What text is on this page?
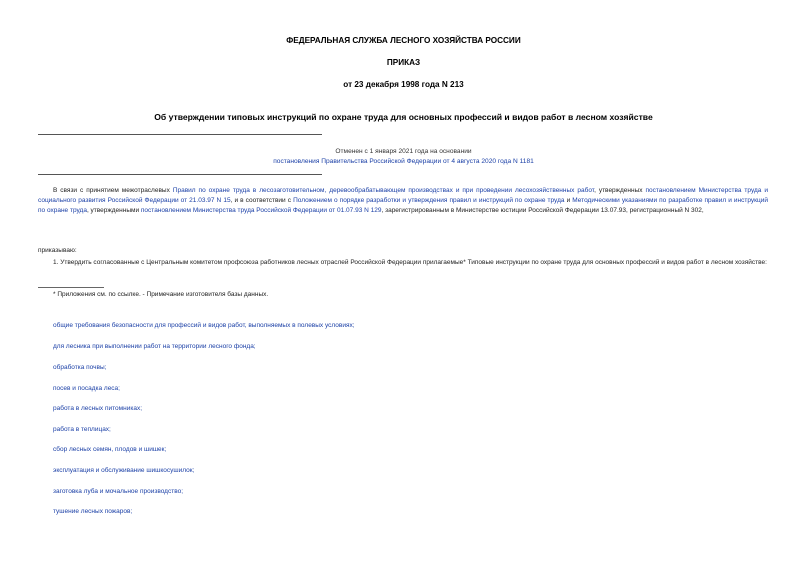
ФЕДЕРАЛЬНАЯ СЛУЖБА ЛЕСНОГО ХОЗЯЙСТВА РОССИИ
ПРИКАЗ
от 23 декабря 1998 года N 213
Об утверждении типовых инструкций по охране труда для основных профессий и видов работ в лесном хозяйстве
Отменен с 1 января 2021 года на основании
постановления Правительства Российской Федерации от 4 августа 2020 года N 1181

В связи с принятием межотраслевых Правил по охране труда в лесозаготовительном, деревообрабатывающем производствах и при проведении лесохозяйственных работ, утвержденных постановлением Министерства труда и социального развития Российской Федерации от 21.03.97 N 15, и в соответствии с Положением о порядке разработки и утверждения правил и инструкций по охране труда и Методическими указаниями по разработке правил и инструкций по охране труда, утвержденными постановлением Министерства труда Российской Федерации от 01.07.93 N 129, зарегистрированным в Министерстве юстиции Российской Федерации 13.07.93, регистрационный N 302,

приказываю:

1. Утвердить согласованные с Центральным комитетом профсоюза работников лесных отраслей Российской Федерации прилагаемые* Типовые инструкции по охране труда для основных профессий и видов работ в лесном хозяйстве:

* Приложения см. по ссылке. - Примечание изготовителя базы данных.
общие требования безопасности для профессий и видов работ, выполняемых в полевых условиях;
для лесника при выполнении работ на территории лесного фонда;
обработка почвы;
посев и посадка леса;
работа в лесных питомниках;
работа в теплицах;
сбор лесных семян, плодов и шишек;
эксплуатация и обслуживание шишкосушилок;
заготовка луба и мочальное производство;
тушение лесных пожаров;
